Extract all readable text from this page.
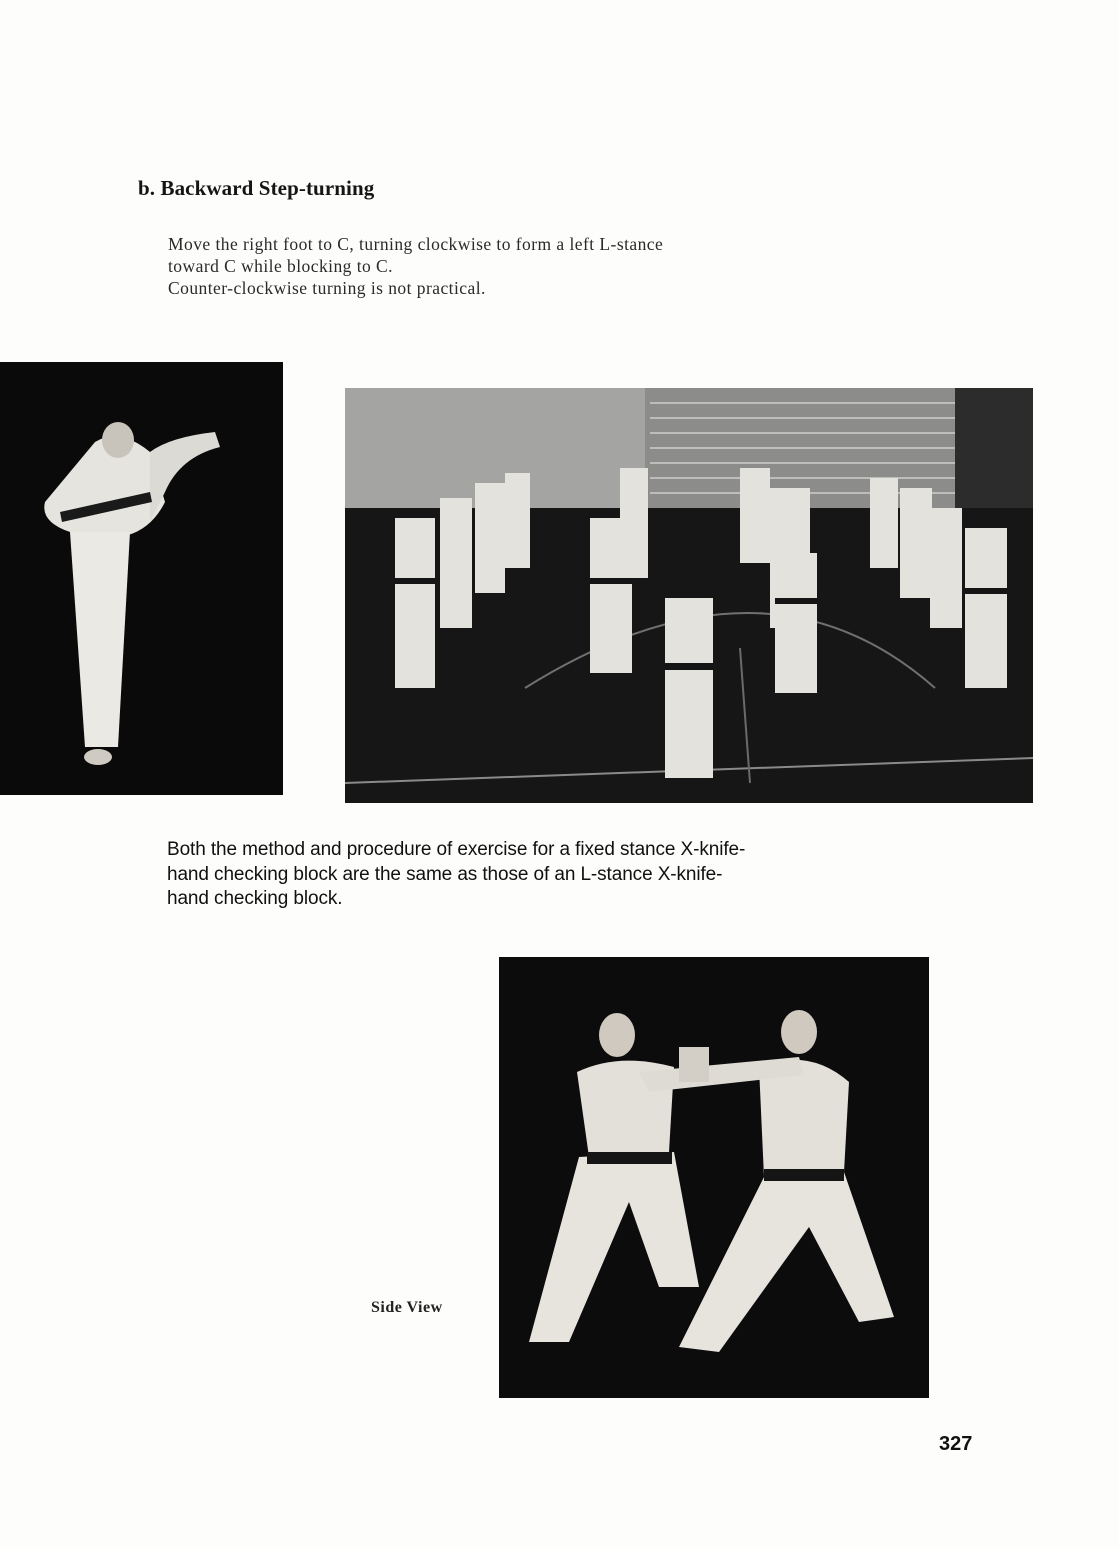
b. Backward Step-turning
Move the right foot to C, turning clockwise to form a left L-stance
toward C while blocking to C.
Counter-clockwise turning is not practical.
Both the method and procedure of exercise for a fixed stance X-knife-
hand checking block are the same as those of an L-stance X-knife-
hand checking block.
Side View
327
